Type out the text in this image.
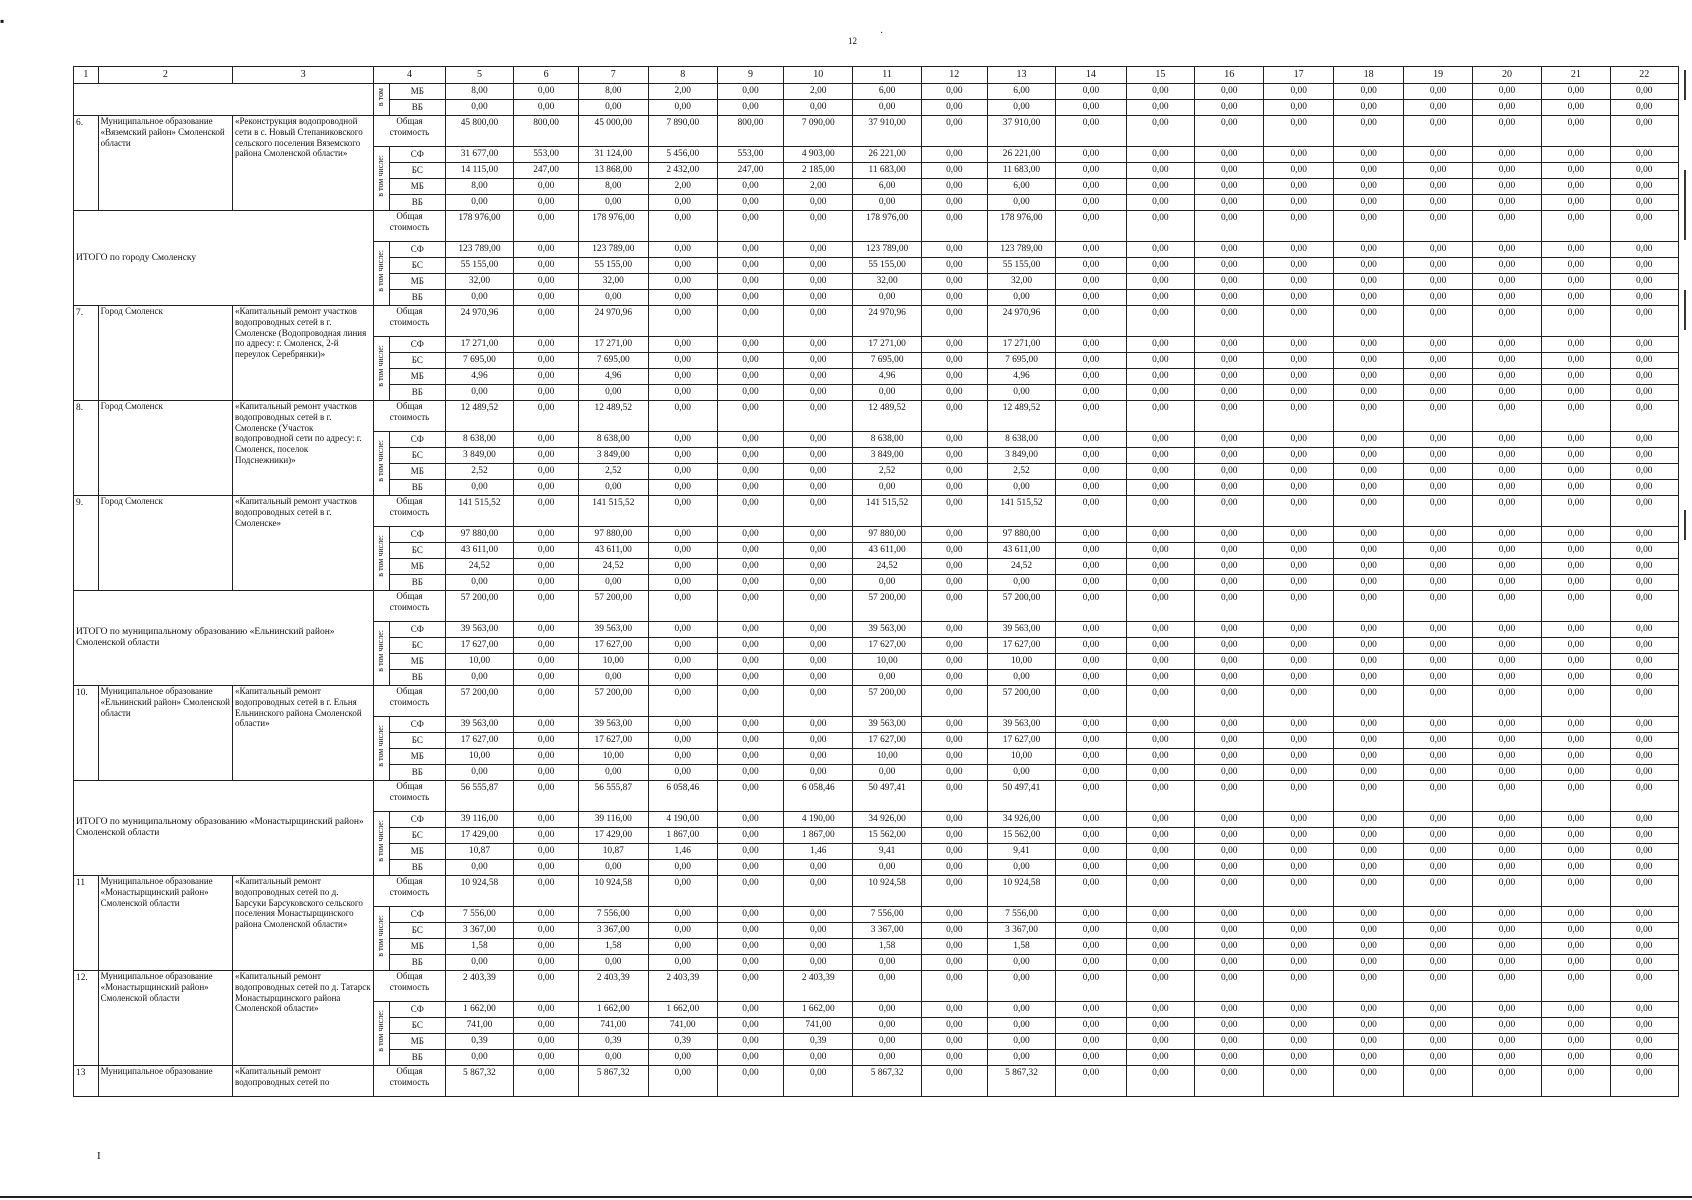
▪
12
·
1	2	3	4		5	6	7	8	9	10	11	12	13	14	15	16	17	18	19	20	21	22
			в том	МБ	8,00	0,00	8,00	2,00	0,00	2,00	6,00	0,00	6,00	0,00	0,00	0,00	0,00	0,00	0,00	0,00	0,00	0,00
				ВБ	0,00	0,00	0,00	0,00	0,00	0,00	0,00	0,00	0,00	0,00	0,00	0,00	0,00	0,00	0,00	0,00	0,00	0,00
6.	Муниципальное образование «Вяземский район» Смоленской области	«Реконструкция водопроводной сети в с. Новый Степаниковского сельского поселения Вяземского района Смоленской области»	Общая стоимость		45 800,00	800,00	45 000,00	7 890,00	800,00	7 090,00	37 910,00	0,00	37 910,00	0,00	0,00	0,00	0,00	0,00	0,00	0,00	0,00	0,00
			в том числе:	СФ	31 677,00	553,00	31 124,00	5 456,00	553,00	4 903,00	26 221,00	0,00	26 221,00	0,00	0,00	0,00	0,00	0,00	0,00	0,00	0,00	0,00
				БС	14 115,00	247,00	13 868,00	2 432,00	247,00	2 185,00	11 683,00	0,00	11 683,00	0,00	0,00	0,00	0,00	0,00	0,00	0,00	0,00	0,00
				МБ	8,00	0,00	8,00	2,00	0,00	2,00	6,00	0,00	6,00	0,00	0,00	0,00	0,00	0,00	0,00	0,00	0,00	0,00
				ВБ	0,00	0,00	0,00	0,00	0,00	0,00	0,00	0,00	0,00	0,00	0,00	0,00	0,00	0,00	0,00	0,00	0,00	0,00
ИТОГО по городу Смоленску			Общая стоимость		178 976,00	0,00	178 976,00	0,00	0,00	0,00	178 976,00	0,00	178 976,00	0,00	0,00	0,00	0,00	0,00	0,00	0,00	0,00	0,00
			в том числе:	СФ	123 789,00	0,00	123 789,00	0,00	0,00	0,00	123 789,00	0,00	123 789,00	0,00	0,00	0,00	0,00	0,00	0,00	0,00	0,00	0,00
				БС	55 155,00	0,00	55 155,00	0,00	0,00	0,00	55 155,00	0,00	55 155,00	0,00	0,00	0,00	0,00	0,00	0,00	0,00	0,00	0,00
				МБ	32,00	0,00	32,00	0,00	0,00	0,00	32,00	0,00	32,00	0,00	0,00	0,00	0,00	0,00	0,00	0,00	0,00	0,00
				ВБ	0,00	0,00	0,00	0,00	0,00	0,00	0,00	0,00	0,00	0,00	0,00	0,00	0,00	0,00	0,00	0,00	0,00	0,00
7.	Город Смоленск	«Капитальный ремонт участков водопроводных сетей в г. Смоленске (Водопроводная линия по адресу: г. Смоленск, 2-й переулок Серебрянки)»	Общая стоимость		24 970,96	0,00	24 970,96	0,00	0,00	0,00	24 970,96	0,00	24 970,96	0,00	0,00	0,00	0,00	0,00	0,00	0,00	0,00	0,00
			в том числе:	СФ	17 271,00	0,00	17 271,00	0,00	0,00	0,00	17 271,00	0,00	17 271,00	0,00	0,00	0,00	0,00	0,00	0,00	0,00	0,00	0,00
				БС	7 695,00	0,00	7 695,00	0,00	0,00	0,00	7 695,00	0,00	7 695,00	0,00	0,00	0,00	0,00	0,00	0,00	0,00	0,00	0,00
				МБ	4,96	0,00	4,96	0,00	0,00	0,00	4,96	0,00	4,96	0,00	0,00	0,00	0,00	0,00	0,00	0,00	0,00	0,00
				ВБ	0,00	0,00	0,00	0,00	0,00	0,00	0,00	0,00	0,00	0,00	0,00	0,00	0,00	0,00	0,00	0,00	0,00	0,00
8.	Город Смоленск	«Капитальный ремонт участков водопроводных сетей в г. Смоленске (Участок водопроводной сети по адресу: г. Смоленск, поселок Подснежники)»	Общая стоимость		12 489,52	0,00	12 489,52	0,00	0,00	0,00	12 489,52	0,00	12 489,52	0,00	0,00	0,00	0,00	0,00	0,00	0,00	0,00	0,00
			в том числе:	СФ	8 638,00	0,00	8 638,00	0,00	0,00	0,00	8 638,00	0,00	8 638,00	0,00	0,00	0,00	0,00	0,00	0,00	0,00	0,00	0,00
				БС	3 849,00	0,00	3 849,00	0,00	0,00	0,00	3 849,00	0,00	3 849,00	0,00	0,00	0,00	0,00	0,00	0,00	0,00	0,00	0,00
				МБ	2,52	0,00	2,52	0,00	0,00	0,00	2,52	0,00	2,52	0,00	0,00	0,00	0,00	0,00	0,00	0,00	0,00	0,00
				ВБ	0,00	0,00	0,00	0,00	0,00	0,00	0,00	0,00	0,00	0,00	0,00	0,00	0,00	0,00	0,00	0,00	0,00	0,00
9.	Город Смоленск	«Капитальный ремонт участков водопроводных сетей в г. Смоленске»	Общая стоимость		141 515,52	0,00	141 515,52	0,00	0,00	0,00	141 515,52	0,00	141 515,52	0,00	0,00	0,00	0,00	0,00	0,00	0,00	0,00	0,00
			в том числе:	СФ	97 880,00	0,00	97 880,00	0,00	0,00	0,00	97 880,00	0,00	97 880,00	0,00	0,00	0,00	0,00	0,00	0,00	0,00	0,00	0,00
				БС	43 611,00	0,00	43 611,00	0,00	0,00	0,00	43 611,00	0,00	43 611,00	0,00	0,00	0,00	0,00	0,00	0,00	0,00	0,00	0,00
				МБ	24,52	0,00	24,52	0,00	0,00	0,00	24,52	0,00	24,52	0,00	0,00	0,00	0,00	0,00	0,00	0,00	0,00	0,00
				ВБ	0,00	0,00	0,00	0,00	0,00	0,00	0,00	0,00	0,00	0,00	0,00	0,00	0,00	0,00	0,00	0,00	0,00	0,00
ИТОГО по муниципальному образованию «Ельнинский район» Смоленской области			Общая стоимость		57 200,00	0,00	57 200,00	0,00	0,00	0,00	57 200,00	0,00	57 200,00	0,00	0,00	0,00	0,00	0,00	0,00	0,00	0,00	0,00
			в том числе:	СФ	39 563,00	0,00	39 563,00	0,00	0,00	0,00	39 563,00	0,00	39 563,00	0,00	0,00	0,00	0,00	0,00	0,00	0,00	0,00	0,00
				БС	17 627,00	0,00	17 627,00	0,00	0,00	0,00	17 627,00	0,00	17 627,00	0,00	0,00	0,00	0,00	0,00	0,00	0,00	0,00	0,00
				МБ	10,00	0,00	10,00	0,00	0,00	0,00	10,00	0,00	10,00	0,00	0,00	0,00	0,00	0,00	0,00	0,00	0,00	0,00
				ВБ	0,00	0,00	0,00	0,00	0,00	0,00	0,00	0,00	0,00	0,00	0,00	0,00	0,00	0,00	0,00	0,00	0,00	0,00
10.	Муниципальное образование «Ельнинский район» Смоленской области	«Капитальный ремонт водопроводных сетей в г. Ельня Ельнинского района Смоленской области»	Общая стоимость		57 200,00	0,00	57 200,00	0,00	0,00	0,00	57 200,00	0,00	57 200,00	0,00	0,00	0,00	0,00	0,00	0,00	0,00	0,00	0,00
			в том числе:	СФ	39 563,00	0,00	39 563,00	0,00	0,00	0,00	39 563,00	0,00	39 563,00	0,00	0,00	0,00	0,00	0,00	0,00	0,00	0,00	0,00
				БС	17 627,00	0,00	17 627,00	0,00	0,00	0,00	17 627,00	0,00	17 627,00	0,00	0,00	0,00	0,00	0,00	0,00	0,00	0,00	0,00
				МБ	10,00	0,00	10,00	0,00	0,00	0,00	10,00	0,00	10,00	0,00	0,00	0,00	0,00	0,00	0,00	0,00	0,00	0,00
				ВБ	0,00	0,00	0,00	0,00	0,00	0,00	0,00	0,00	0,00	0,00	0,00	0,00	0,00	0,00	0,00	0,00	0,00	0,00
ИТОГО по муниципальному образованию «Монастырщинский район» Смоленской области			Общая стоимость		56 555,87	0,00	56 555,87	6 058,46	0,00	6 058,46	50 497,41	0,00	50 497,41	0,00	0,00	0,00	0,00	0,00	0,00	0,00	0,00	0,00
			в том числе:	СФ	39 116,00	0,00	39 116,00	4 190,00	0,00	4 190,00	34 926,00	0,00	34 926,00	0,00	0,00	0,00	0,00	0,00	0,00	0,00	0,00	0,00
				БС	17 429,00	0,00	17 429,00	1 867,00	0,00	1 867,00	15 562,00	0,00	15 562,00	0,00	0,00	0,00	0,00	0,00	0,00	0,00	0,00	0,00
				МБ	10,87	0,00	10,87	1,46	0,00	1,46	9,41	0,00	9,41	0,00	0,00	0,00	0,00	0,00	0,00	0,00	0,00	0,00
				ВБ	0,00	0,00	0,00	0,00	0,00	0,00	0,00	0,00	0,00	0,00	0,00	0,00	0,00	0,00	0,00	0,00	0,00	0,00
11	Муниципальное образование «Монастырщинский район» Смоленской области	«Капитальный ремонт водопроводных сетей по д. Барсуки Барсуковского сельского поселения Монастырщинского района Смоленской области»	Общая стоимость		10 924,58	0,00	10 924,58	0,00	0,00	0,00	10 924,58	0,00	10 924,58	0,00	0,00	0,00	0,00	0,00	0,00	0,00	0,00	0,00
			в том числе:	СФ	7 556,00	0,00	7 556,00	0,00	0,00	0,00	7 556,00	0,00	7 556,00	0,00	0,00	0,00	0,00	0,00	0,00	0,00	0,00	0,00
				БС	3 367,00	0,00	3 367,00	0,00	0,00	0,00	3 367,00	0,00	3 367,00	0,00	0,00	0,00	0,00	0,00	0,00	0,00	0,00	0,00
				МБ	1,58	0,00	1,58	0,00	0,00	0,00	1,58	0,00	1,58	0,00	0,00	0,00	0,00	0,00	0,00	0,00	0,00	0,00
				ВБ	0,00	0,00	0,00	0,00	0,00	0,00	0,00	0,00	0,00	0,00	0,00	0,00	0,00	0,00	0,00	0,00	0,00	0,00
12.	Муниципальное образование «Монастырщинский район» Смоленской области	«Капитальный ремонт водопроводных сетей по д. Татарск Монастырщинского района Смоленской области»	Общая стоимость		2 403,39	0,00	2 403,39	2 403,39	0,00	2 403,39	0,00	0,00	0,00	0,00	0,00	0,00	0,00	0,00	0,00	0,00	0,00	0,00
			в том числе:	СФ	1 662,00	0,00	1 662,00	1 662,00	0,00	1 662,00	0,00	0,00	0,00	0,00	0,00	0,00	0,00	0,00	0,00	0,00	0,00	0,00
				БС	741,00	0,00	741,00	741,00	0,00	741,00	0,00	0,00	0,00	0,00	0,00	0,00	0,00	0,00	0,00	0,00	0,00	0,00
				МБ	0,39	0,00	0,39	0,39	0,00	0,39	0,00	0,00	0,00	0,00	0,00	0,00	0,00	0,00	0,00	0,00	0,00	0,00
				ВБ	0,00	0,00	0,00	0,00	0,00	0,00	0,00	0,00	0,00	0,00	0,00	0,00	0,00	0,00	0,00	0,00	0,00	0,00
13	Муниципальное образование	«Капитальный ремонт водопроводных сетей по	Общая стоимость		5 867,32	0,00	5 867,32	0,00	0,00	0,00	5 867,32	0,00	5 867,32	0,00	0,00	0,00	0,00	0,00	0,00	0,00	0,00	0,00
I
